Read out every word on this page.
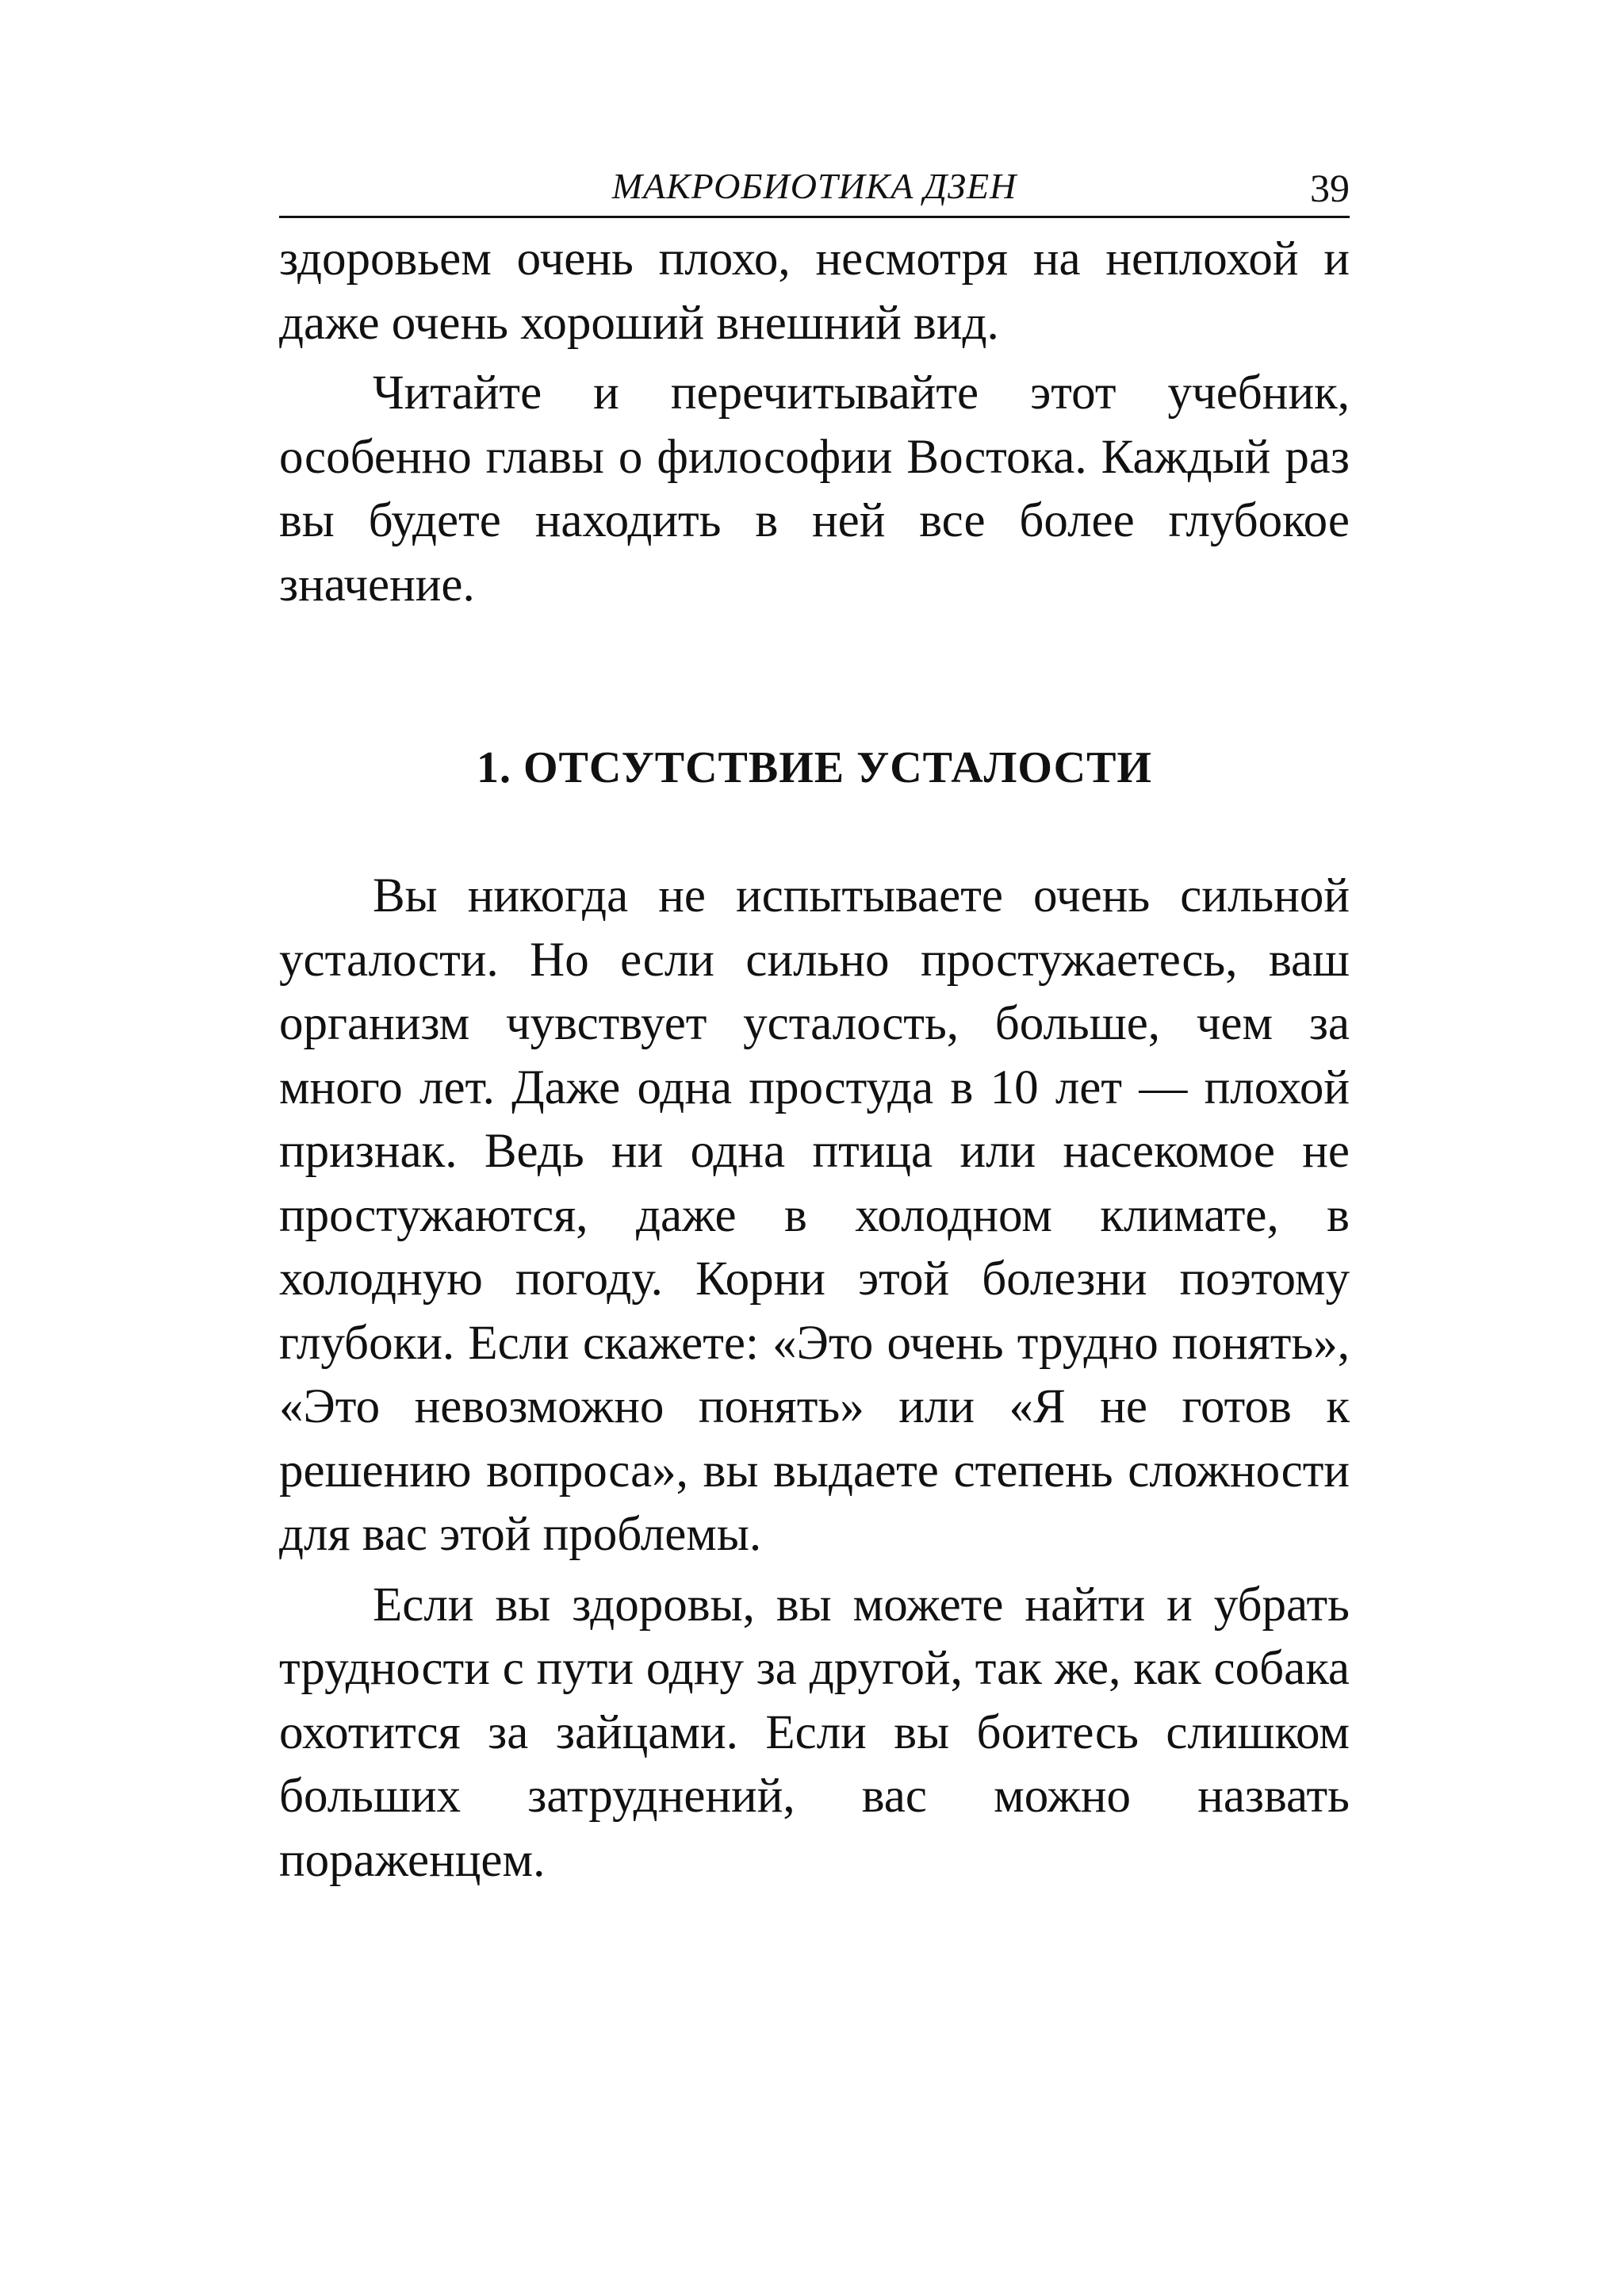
МАКРОБИОТИКА ДЗЕН	39

здоровьем очень плохо, несмотря на неплохой и даже очень хороший внешний вид.

Читайте и перечитывайте этот учебник, особенно главы о философии Востока. Каждый раз вы будете находить в ней все более глубокое значение.

1. ОТСУТСТВИЕ УСТАЛОСТИ

Вы никогда не испытываете очень сильной усталости. Но если сильно простужаетесь, ваш организм чувствует усталость, больше, чем за много лет. Даже одна простуда в 10 лет — плохой признак. Ведь ни одна птица или насекомое не простужаются, даже в холодном климате, в холодную погоду. Корни этой болезни поэтому глубоки. Если скажете: «Это очень трудно понять», «Это невозможно понять» или «Я не готов к решению вопроса», вы выдаете степень сложности для вас этой проблемы.

Если вы здоровы, вы можете найти и убрать трудности с пути одну за другой, так же, как собака охотится за зайцами. Если вы боитесь слишком больших затруднений, вас можно назвать пораженцем.
